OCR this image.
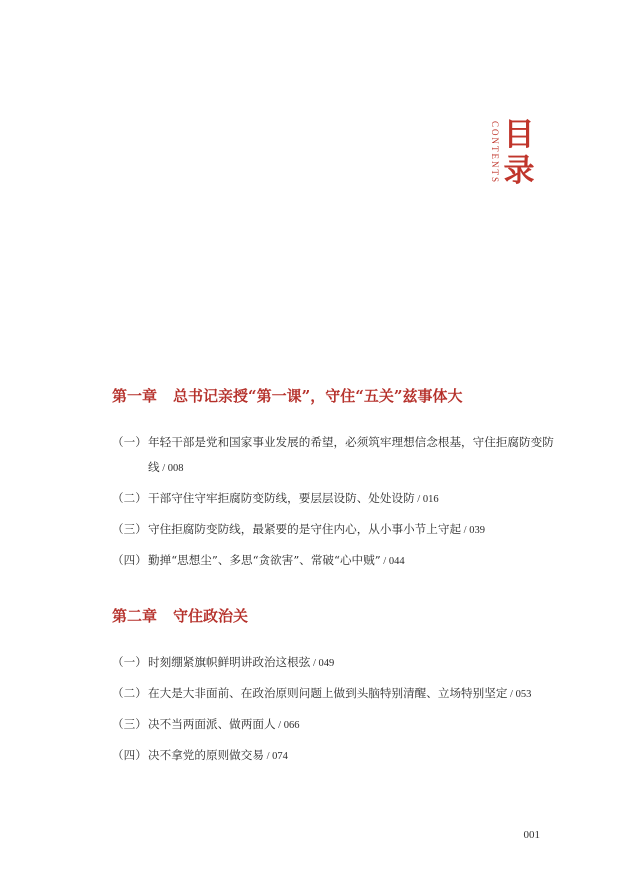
CONTENTS 目录
第一章 总书记亲授“第一课”，守住“五关”兹事体大
（一） 年轻干部是党和国家事业发展的希望，必须筑牢理想信念根基，守住拒腐防变防线 / 008
（二） 干部守住守牢拒腐防变防线，要层层设防、处处设防 / 016
（三） 守住拒腐防变防线，最紧要的是守住内心，从小事小节上守起 / 039
（四） 勤掸“思想尘”、多思“贪欲害”、常破“心中贼” / 044
第二章 守住政治关
（一） 时刻绷紧旗帜鲜明讲政治这根弦 / 049
（二） 在大是大非面前、在政治原则问题上做到头脑特别清醒、立场特别坚定 / 053
（三） 决不当两面派、做两面人 / 066
（四） 决不拿党的原则做交易 / 074
001
